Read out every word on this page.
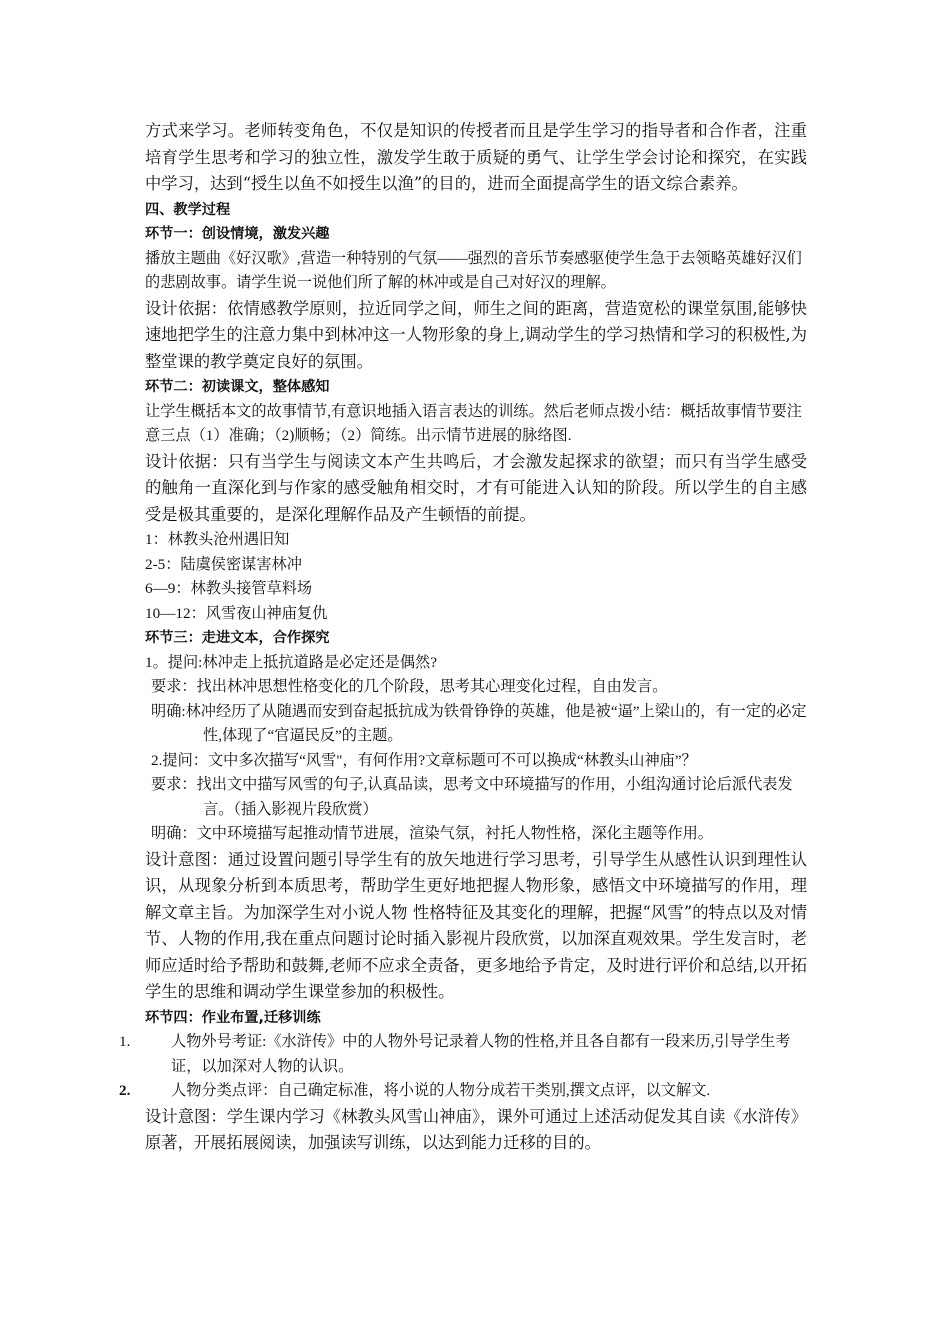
方式来学习。老师转变角色，不仅是知识的传授者而且是学生学习的指导者和合作者，注重培育学生思考和学习的独立性，激发学生敢于质疑的勇气、让学生学会讨论和探究，在实践中学习，达到“授生以鱼不如授生以渔”的目的，进而全面提高学生的语文综合素养。

四、教学过程

环节一：创设情境，激发兴趣

播放主题曲《好汉歌》,营造一种特别的气氛——强烈的音乐节奏感驱使学生急于去领略英雄好汉们的悲剧故事。请学生说一说他们所了解的林冲或是自己对好汉的理解。

设计依据：依情感教学原则，拉近同学之间，师生之间的距离，营造宽松的课堂氛围,能够快速地把学生的注意力集中到林冲这一人物形象的身上,调动学生的学习热情和学习的积极性,为整堂课的教学奠定良好的氛围。

环节二：初读课文，整体感知

让学生概括本文的故事情节,有意识地插入语言表达的训练。然后老师点拨小结：概括故事情节要注意三点（1）准确；（2)顺畅；（2）简练。出示情节进展的脉络图.

设计依据：只有当学生与阅读文本产生共鸣后，才会激发起探求的欲望；而只有当学生感受的触角一直深化到与作家的感受触角相交时，才有可能进入认知的阶段。所以学生的自主感受是极其重要的，是深化理解作品及产生顿悟的前提。

1：林教头沧州遇旧知

2-5：陆虞侯密谋害林冲

6—9：林教头接管草料场

10—12：风雪夜山神庙复仇

环节三：走进文本，合作探究

1。提问:林冲走上抵抗道路是必定还是偶然?

要求：找出林冲思想性格变化的几个阶段，思考其心理变化过程，自由发言。

明确:林冲经历了从随遇而安到奋起抵抗成为铁骨铮铮的英雄，他是被“逼”上梁山的，有一定的必定性,体现了“官逼民反”的主题。

2.提问：文中多次描写“风雪"，有何作用?文章标题可不可以换成“林教头山神庙”？

要求：找出文中描写风雪的句子,认真品读，思考文中环境描写的作用，小组沟通讨论后派代表发言。（插入影视片段欣赏）

明确：文中环境描写起推动情节进展，渲染气氛，衬托人物性格，深化主题等作用。

设计意图：通过设置问题引导学生有的放矢地进行学习思考，引导学生从感性认识到理性认识，从现象分析到本质思考，帮助学生更好地把握人物形象，感悟文中环境描写的作用，理解文章主旨。为加深学生对小说人物 性格特征及其变化的理解，把握“风雪”的特点以及对情节、人物的作用,我在重点问题讨论时插入影视片段欣赏，以加深直观效果。学生发言时，老师应适时给予帮助和鼓舞,老师不应求全责备，更多地给予肯定，及时进行评价和总结,以开拓学生的思维和调动学生课堂参加的积极性。

环节四：作业布置,迁移训练

1.	人物外号考证:《水浒传》中的人物外号记录着人物的性格,并且各自都有一段来历,引导学生考证，以加深对人物的认识。

2.	人物分类点评：自己确定标准，将小说的人物分成若干类别,撰文点评，以文解文.

设计意图：学生课内学习《林教头风雪山神庙》，课外可通过上述活动促发其自读《水浒传》原著，开展拓展阅读，加强读写训练，以达到能力迁移的目的。
